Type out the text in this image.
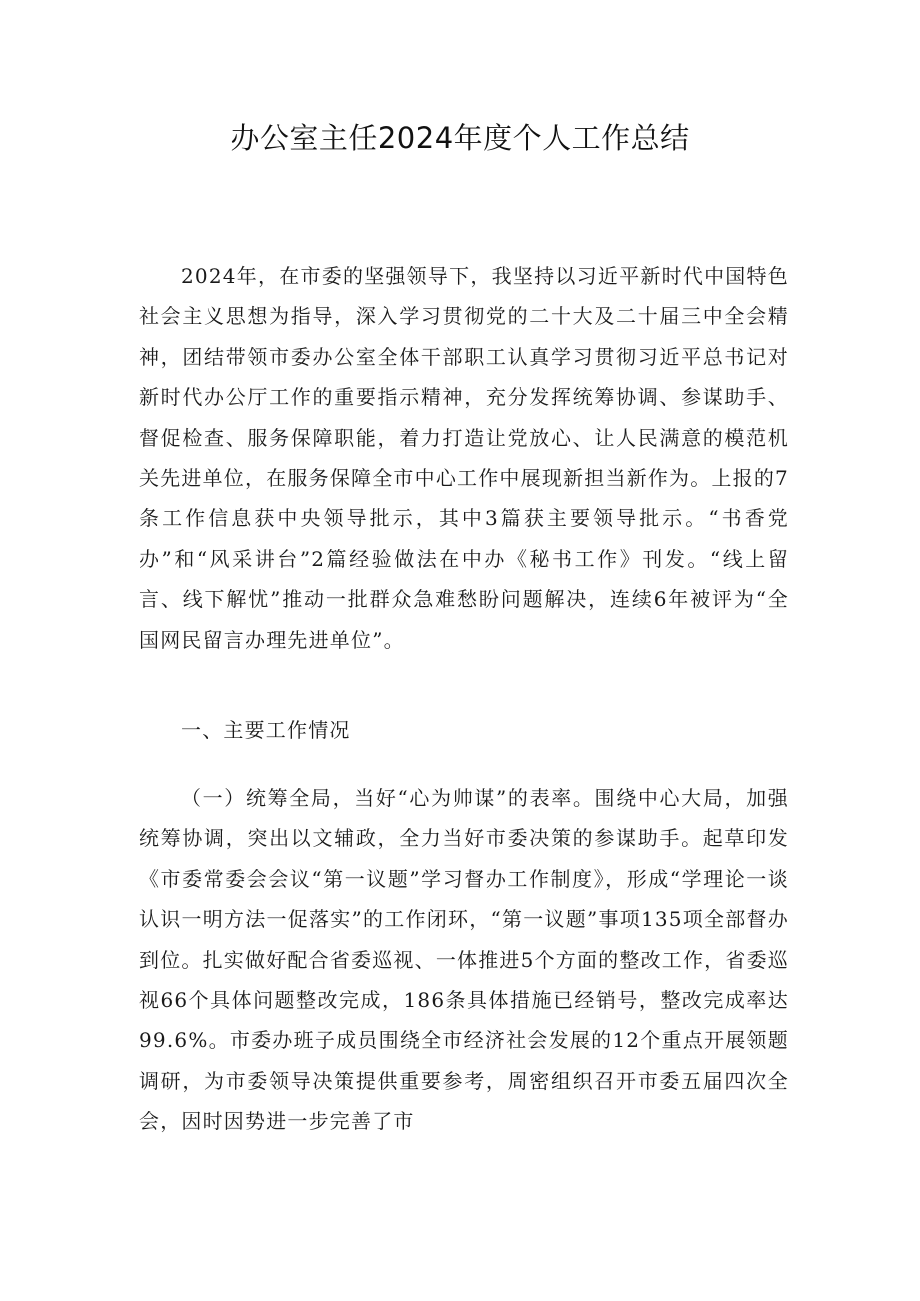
办公室主任2024年度个人工作总结

2024年，在市委的坚强领导下，我坚持以习近平新时代中国特色社会主义思想为指导，深入学习贯彻党的二十大及二十届三中全会精神，团结带领市委办公室全体干部职工认真学习贯彻习近平总书记对新时代办公厅工作的重要指示精神，充分发挥统筹协调、参谋助手、督促检查、服务保障职能，着力打造让党放心、让人民满意的模范机关先进单位，在服务保障全市中心工作中展现新担当新作为。上报的7条工作信息获中央领导批示，其中3篇获主要领导批示。“书香党办”和“风采讲台”2篇经验做法在中办《秘书工作》刊发。“线上留言、线下解忧”推动一批群众急难愁盼问题解决，连续6年被评为“全国网民留言办理先进单位”。

一、主要工作情况

（一）统筹全局，当好“心为帅谋”的表率。围绕中心大局，加强统筹协调，突出以文辅政，全力当好市委决策的参谋助手。起草印发《市委常委会会议“第一议题”学习督办工作制度》，形成“学理论一谈认识一明方法一促落实”的工作闭环，“第一议题”事项135项全部督办到位。扎实做好配合省委巡视、一体推进5个方面的整改工作，省委巡视66个具体问题整改完成，186条具体措施已经销号，整改完成率达99.6%。市委办班子成员围绕全市经济社会发展的12个重点开展领题调研，为市委领导决策提供重要参考，周密组织召开市委五届四次全会，因时因势进一步完善了市
